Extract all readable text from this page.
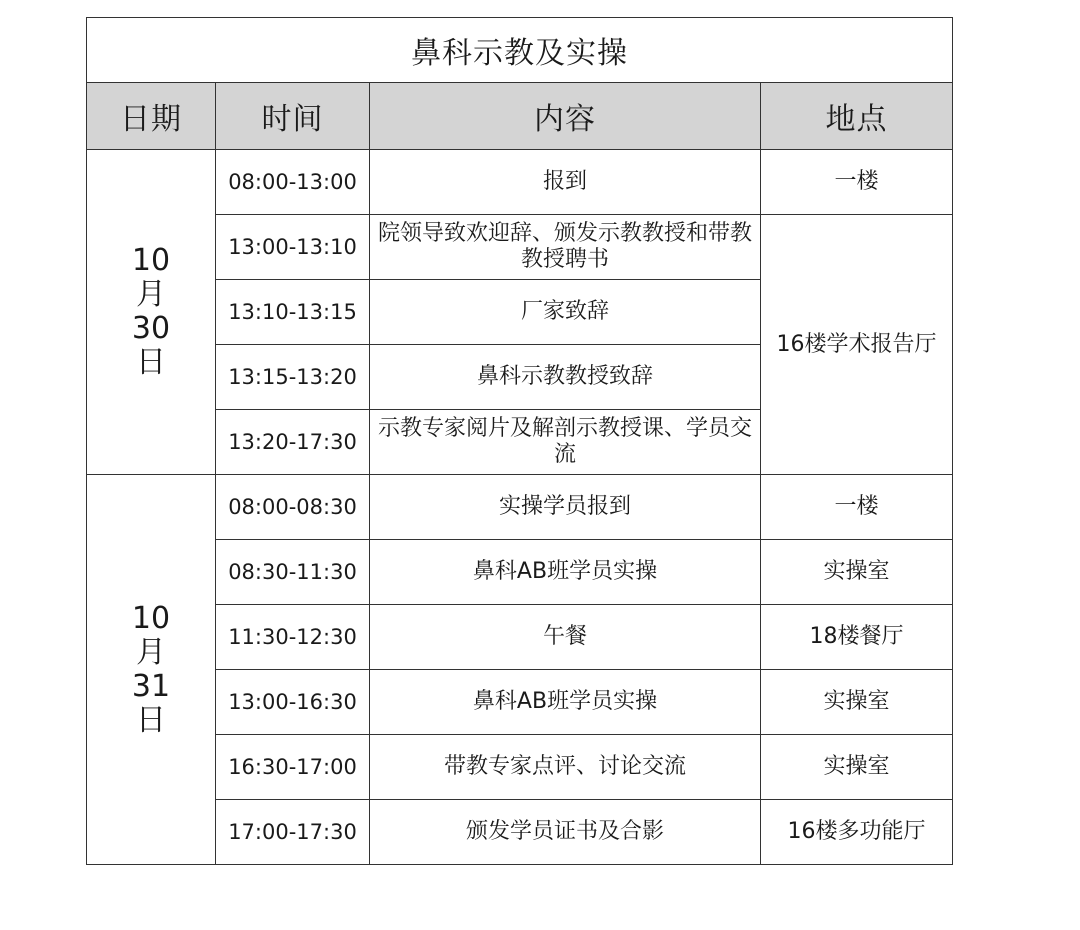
鼻科示教及实操			
日期	时间	内容	地点

10
月
30
日	08:00-13:00	报到	一楼
	13:00-13:10	院领导致欢迎辞、颁发示教教授和带教教授聘书	16楼学术报告厅
	13:10-13:15	厂家致辞	
	13:15-13:20	鼻科示教教授致辞	
	13:20-17:30	示教专家阅片及解剖示教授课、学员交流	

10
月
31
日	08:00-08:30	实操学员报到	一楼
	08:30-11:30	鼻科AB班学员实操	实操室
	11:30-12:30	午餐	18楼餐厅
	13:00-16:30	鼻科AB班学员实操	实操室
	16:30-17:00	带教专家点评、讨论交流	实操室
	17:00-17:30	颁发学员证书及合影	16楼多功能厅
